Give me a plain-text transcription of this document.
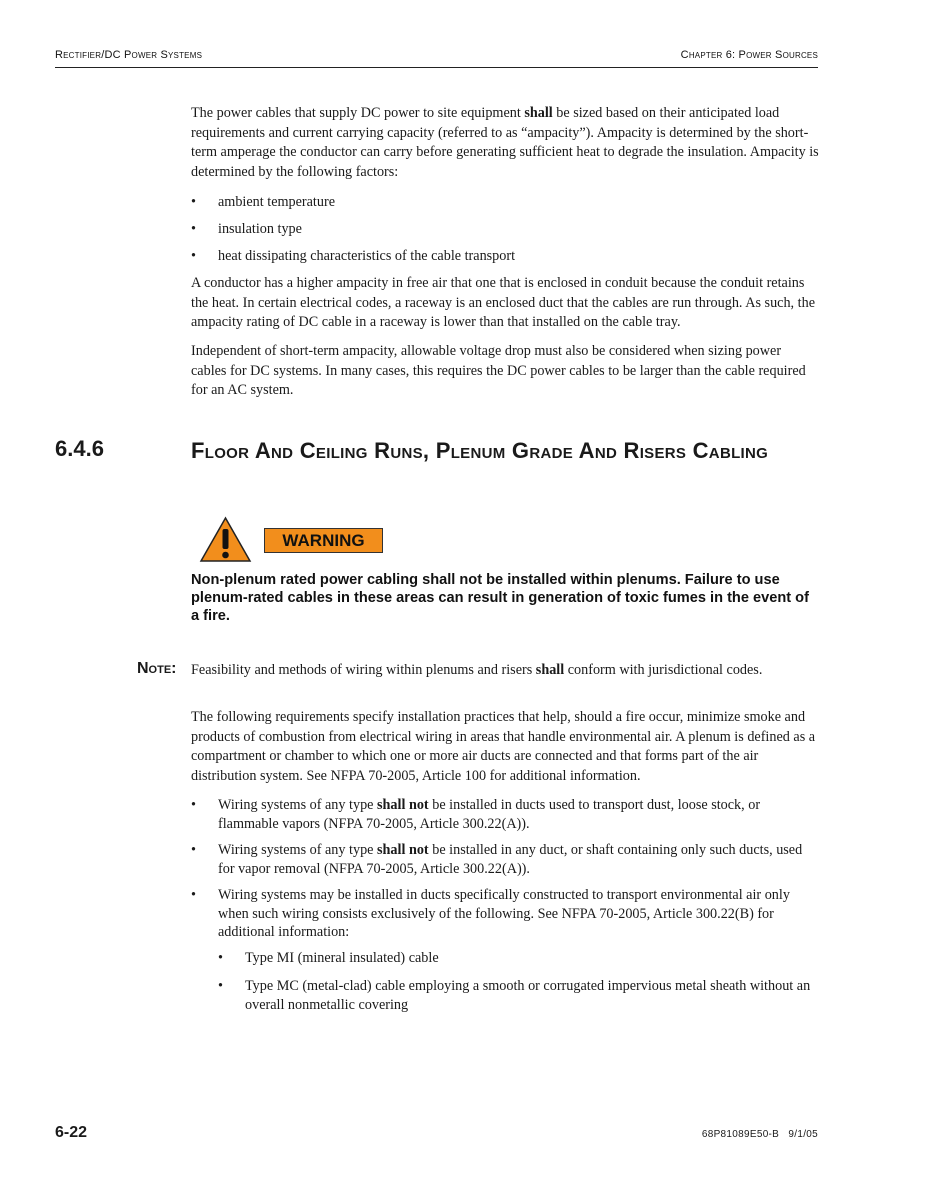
Rectifier/DC Power Systems	Chapter 6: Power Sources

The power cables that supply DC power to site equipment shall be sized based on their anticipated load requirements and current carrying capacity (referred to as “ampacity”). Ampacity is determined by the short-term amperage the conductor can carry before generating sufficient heat to degrade the insulation. Ampacity is determined by the following factors:

• ambient temperature
• insulation type
• heat dissipating characteristics of the cable transport

A conductor has a higher ampacity in free air that one that is enclosed in conduit because the conduit retains the heat. In certain electrical codes, a raceway is an enclosed duct that the cables are run through. As such, the ampacity rating of DC cable in a raceway is lower than that installed on the cable tray.

Independent of short-term ampacity, allowable voltage drop must also be considered when sizing power cables for DC systems. In many cases, this requires the DC power cables to be larger than the cable required for an AC system.

6.4.6	Floor And Ceiling Runs, Plenum Grade And Risers Cabling
WARNING
Non-plenum rated power cabling shall not be installed within plenums. Failure to use plenum-rated cables in these areas can result in generation of toxic fumes in the event of a fire.
Note: Feasibility and methods of wiring within plenums and risers shall conform with jurisdictional codes.

The following requirements specify installation practices that help, should a fire occur, minimize smoke and products of combustion from electrical wiring in areas that handle environmental air. A plenum is defined as a compartment or chamber to which one or more air ducts are connected and that forms part of the air distribution system. See NFPA 70-2005, Article 100 for additional information.

• Wiring systems of any type shall not be installed in ducts used to transport dust, loose stock, or flammable vapors (NFPA 70-2005, Article 300.22(A)).
• Wiring systems of any type shall not be installed in any duct, or shaft containing only such ducts, used for vapor removal (NFPA 70-2005, Article 300.22(A)).
• Wiring systems may be installed in ducts specifically constructed to transport environmental air only when such wiring consists exclusively of the following. See NFPA 70-2005, Article 300.22(B) for additional information:
• Type MI (mineral insulated) cable
• Type MC (metal-clad) cable employing a smooth or corrugated impervious metal sheath without an overall nonmetallic covering
6-22	68P81089E50-B   9/1/05
